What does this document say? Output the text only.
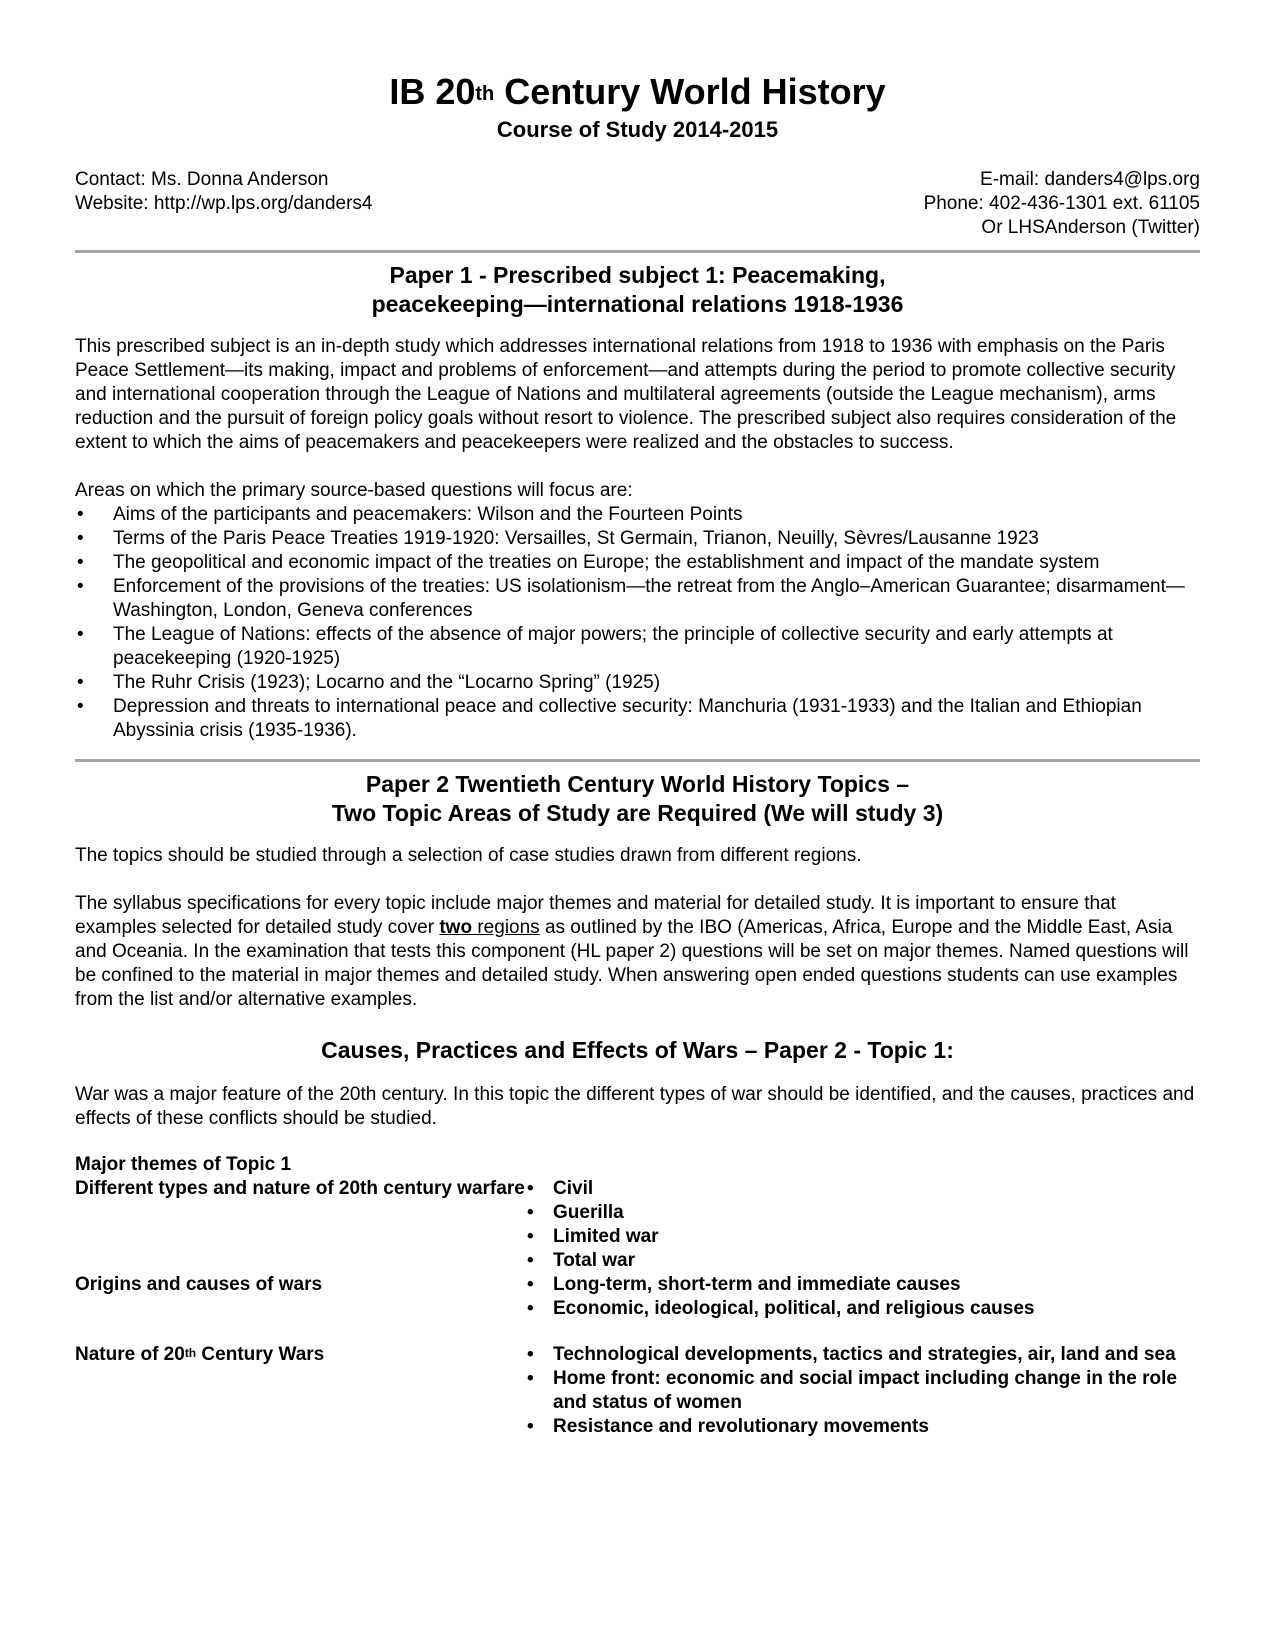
IB 20th Century World History
Course of Study 2014-2015
Contact: Ms. Donna Anderson
Website: http://wp.lps.org/danders4
E-mail: danders4@lps.org
Phone: 402-436-1301 ext. 61105
Or LHSAnderson (Twitter)
Paper 1 - Prescribed subject 1: Peacemaking,
peacekeeping—international relations 1918-1936

This prescribed subject is an in-depth study which addresses international relations from 1918 to 1936 with emphasis on the Paris Peace Settlement—its making, impact and problems of enforcement—and attempts during the period to promote collective security and international cooperation through the League of Nations and multilateral agreements (outside the League mechanism), arms reduction and the pursuit of foreign policy goals without resort to violence. The prescribed subject also requires consideration of the extent to which the aims of peacemakers and peacekeepers were realized and the obstacles to success.

Areas on which the primary source-based questions will focus are:

• Aims of the participants and peacemakers: Wilson and the Fourteen Points
• Terms of the Paris Peace Treaties 1919-1920: Versailles, St Germain, Trianon, Neuilly, Sèvres/Lausanne 1923
• The geopolitical and economic impact of the treaties on Europe; the establishment and impact of the mandate system
• Enforcement of the provisions of the treaties: US isolationism—the retreat from the Anglo–American Guarantee; disarmament—Washington, London, Geneva conferences
• The League of Nations: effects of the absence of major powers; the principle of collective security and early attempts at peacekeeping (1920-1925)
• The Ruhr Crisis (1923); Locarno and the “Locarno Spring” (1925)
• Depression and threats to international peace and collective security: Manchuria (1931-1933) and the Italian and Ethiopian Abyssinia crisis (1935-1936).
Paper 2 Twentieth Century World History Topics –
Two Topic Areas of Study are Required (We will study 3)

The topics should be studied through a selection of case studies drawn from different regions.

The syllabus specifications for every topic include major themes and material for detailed study. It is important to ensure that examples selected for detailed study cover two regions as outlined by the IBO (Americas, Africa, Europe and the Middle East, Asia and Oceania. In the examination that tests this component (HL paper 2) questions will be set on major themes. Named questions will be confined to the material in major themes and detailed study. When answering open ended questions students can use examples from the list and/or alternative examples.

Causes, Practices and Effects of Wars – Paper 2 - Topic 1:

War was a major feature of the 20th century. In this topic the different types of war should be identified, and the causes, practices and effects of these conflicts should be studied.

Major themes of Topic 1
Different types and nature of 20th century warfare	• Civil
• Guerilla
• Limited war
• Total war
Origins and causes of wars	• Long-term, short-term and immediate causes
• Economic, ideological, political, and religious causes
Nature of 20th Century Wars	• Technological developments, tactics and strategies, air, land and sea
• Home front: economic and social impact including change in the role and status of women
• Resistance and revolutionary movements
